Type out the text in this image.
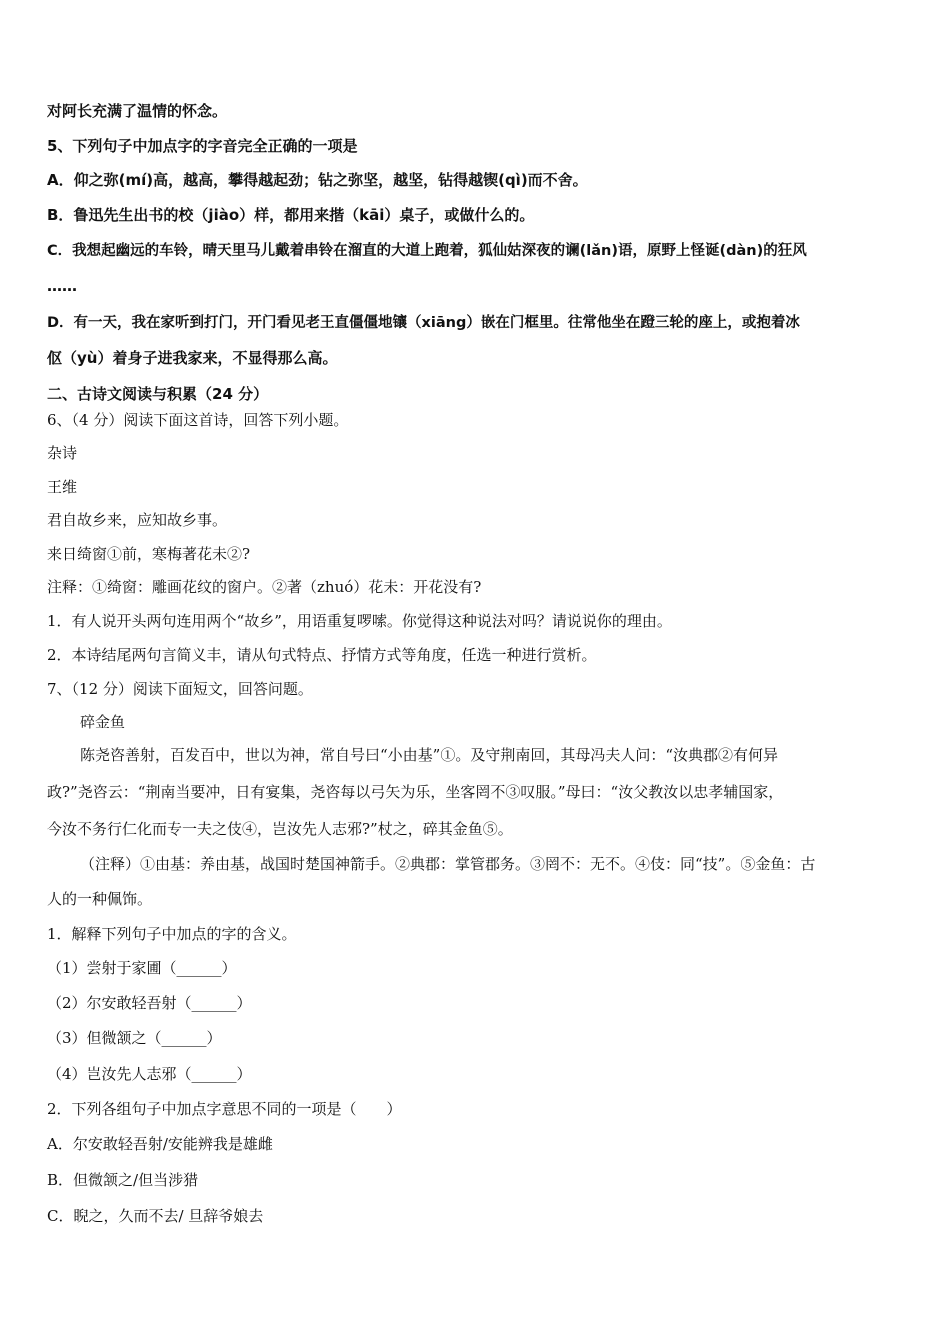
对阿长充满了温情的怀念。
5、下列句子中加点字的字音完全正确的一项是
A．仰之弥(mí)高，越高，攀得越起劲；钻之弥坚，越坚，钻得越锲(qì)而不舍。
B．鲁迅先生出书的校（jiào）样，都用来揩（kāi）桌子，或做什么的。
C．我想起幽远的车铃，晴天里马儿戴着串铃在溜直的大道上跑着，狐仙姑深夜的谰(lǎn)语，原野上怪诞(dàn)的狂风
……
D．有一天，我在家听到打门，开门看见老王直僵僵地镶（xiāng）嵌在门框里。往常他坐在蹬三轮的座上，或抱着冰
伛（yù）着身子进我家来，不显得那么高。
二、古诗文阅读与积累（24 分）
6、（4 分）阅读下面这首诗，回答下列小题。
杂诗
王维
君自故乡来，应知故乡事。
来日绮窗①前，寒梅著花未②?
注释：①绮窗：雕画花纹的窗户。②著（zhuó）花未：开花没有?
1．有人说开头两句连用两个“故乡”，用语重复啰嗦。你觉得这种说法对吗？请说说你的理由。
2．本诗结尾两句言简义丰，请从句式特点、抒情方式等角度，任选一种进行赏析。
7、（12 分）阅读下面短文，回答问题。
碎金鱼
陈尧咨善射，百发百中，世以为神，常自号曰“小由基”①。及守荆南回，其母冯夫人问：“汝典郡②有何异
政?”尧咨云：“荆南当要冲，日有宴集，尧咨每以弓矢为乐，坐客罔不③叹服。”母曰：“汝父教汝以忠孝辅国家，
今汝不务行仁化而专一夫之伎④，岂汝先人志邪?”杖之，碎其金鱼⑤。
（注释）①由基：养由基，战国时楚国神箭手。②典郡：掌管郡务。③罔不：无不。④伎：同“技”。⑤金鱼：古
人的一种佩饰。
1．解释下列句子中加点的字的含义。
（1）尝射于家圃（______）
（2）尔安敢轻吾射（______）
（3）但微颔之（______）
（4）岂汝先人志邪（______）
2．下列各组句子中加点字意思不同的一项是（　　）
A．尔安敢轻吾射/安能辨我是雄雌
B．但微颔之/但当涉猎
C．睨之，久而不去/ 旦辞爷娘去
